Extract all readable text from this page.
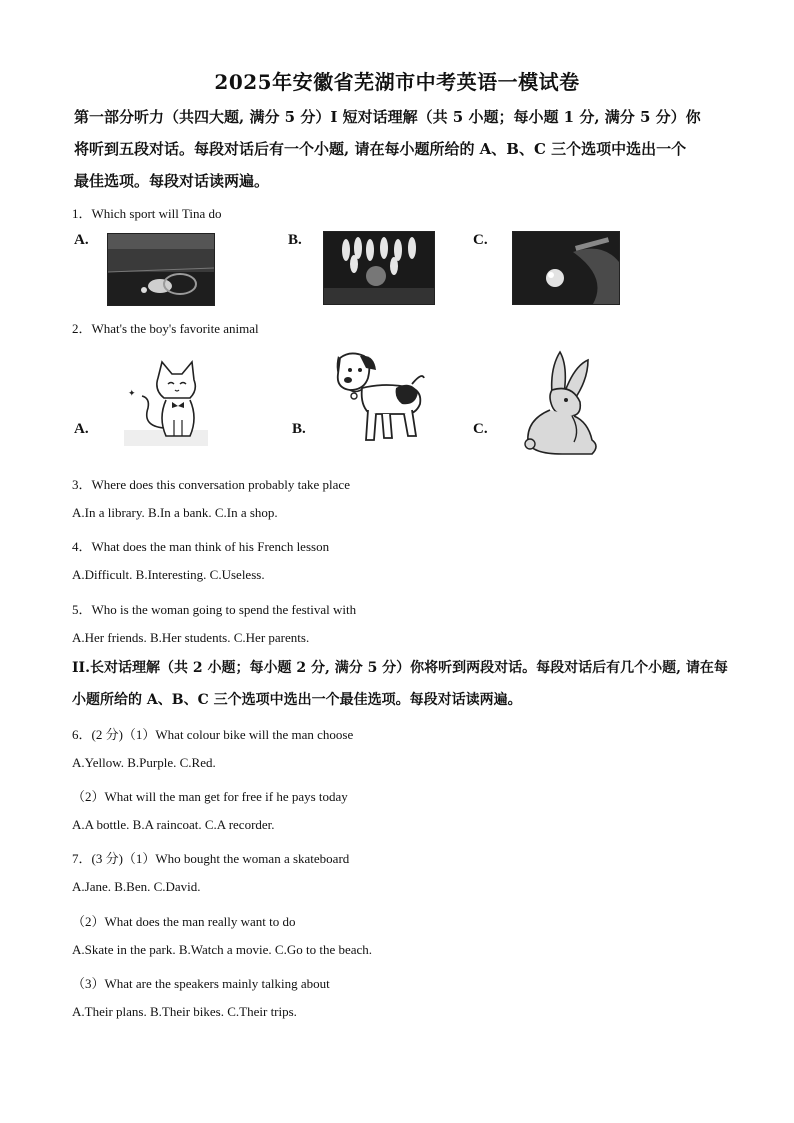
2025年安徽省芜湖市中考英语一模试卷
第一部分听力（共四大题, 满分 5 分）I 短对话理解（共 5 小题；每小题 1 分, 满分 5 分）你
将听到五段对话。每段对话后有一个小题, 请在每小题所给的 A、B、C 三个选项中选出一个
最佳选项。每段对话读两遍。
1．Which sport will Tina do
A.	B.	C.
2．What's the boy's favorite animal
A.
✦
B.	C.
3．Where does this conversation probably take place
A.In a library. B.In a bank. C.In a shop.
4．What does the man think of his French lesson
A.Difficult. B.Interesting. C.Useless.
5．Who is the woman going to spend the festival with
A.Her friends. B.Her students. C.Her parents.
II.长对话理解（共 2 小题；每小题 2 分, 满分 5 分）你将听到两段对话。每段对话后有几个小题, 请在每
小题所给的 A、B、C 三个选项中选出一个最佳选项。每段对话读两遍。
6．(2 分)（1）What colour bike will the man choose
A.Yellow. B.Purple. C.Red.
（2）What will the man get for free if he pays today
A.A bottle. B.A raincoat. C.A recorder.
7．(3 分)（1）Who bought the woman a skateboard
A.Jane. B.Ben. C.David.
（2）What does the man really want to do
A.Skate in the park. B.Watch a movie. C.Go to the beach.
（3）What are the speakers mainly talking about
A.Their plans. B.Their bikes. C.Their trips.
